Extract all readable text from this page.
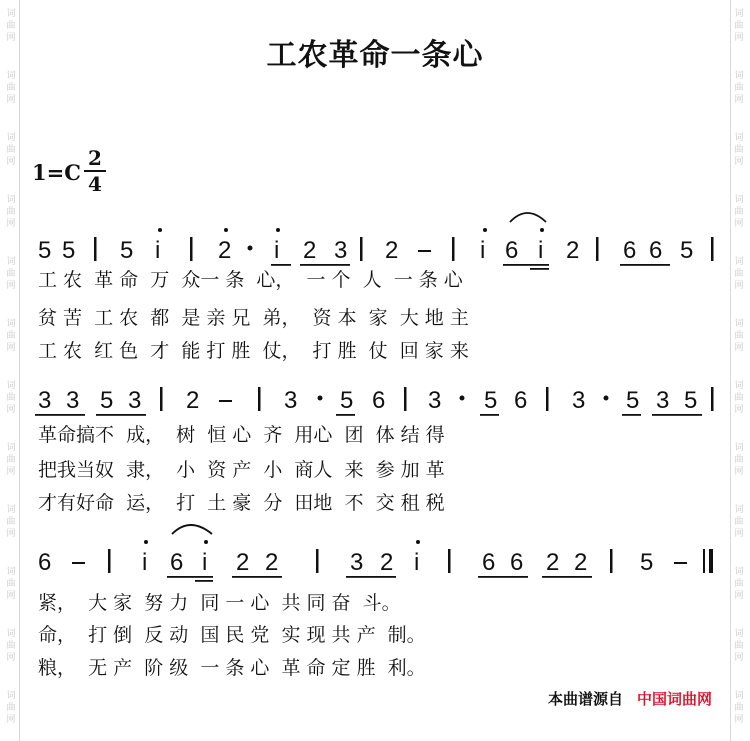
词
曲
网
词
曲
网
词
曲
网
词
曲
网
词
曲
网
词
曲
网
词
曲
网
词
曲
网
词
曲
网
词
曲
网
词
曲
网
词
曲
网
词
曲
网
词
曲
网
词
曲
网
词
曲
网
词
曲
网
词
曲
网
词
曲
网
词
曲
网
词
曲
网
词
曲
网
词
曲
网
词
曲
网
工农革命一条心
$1=C \frac{2}{4}$
5 5 5 i 2 i 2 3 2	i 6 i 2 6 6 5
3 3 5 3 2	3 5 6 3 5 6 3 5 3 5
6	i 6 i 2 2	3 2 i	6 6 2 2 5
工 农  革 命  万  众一 条  心，  一 个  人  一 条 心
贫 苦  工 农  都  是 亲 兄  弟，  资 本  家  大 地 主
工 农  红 色  才  能 打 胜  仗，  打 胜  仗  回 家 来
革命搞不  成，  树  恒 心  齐  用心  团  体 结 得
把我当奴  隶，  小  资 产  小  商人  来  参 加 革
才有好命  运，  打  土 豪  分  田地  不  交 租 税
紧，  大 家  努 力  同 一 心  共 同 奋  斗。
命，  打 倒  反 动  国 民 党  实 现 共 产  制。
粮，  无 产  阶 级  一 条 心  革 命 定 胜  利。
本曲谱源自 中国词曲网
